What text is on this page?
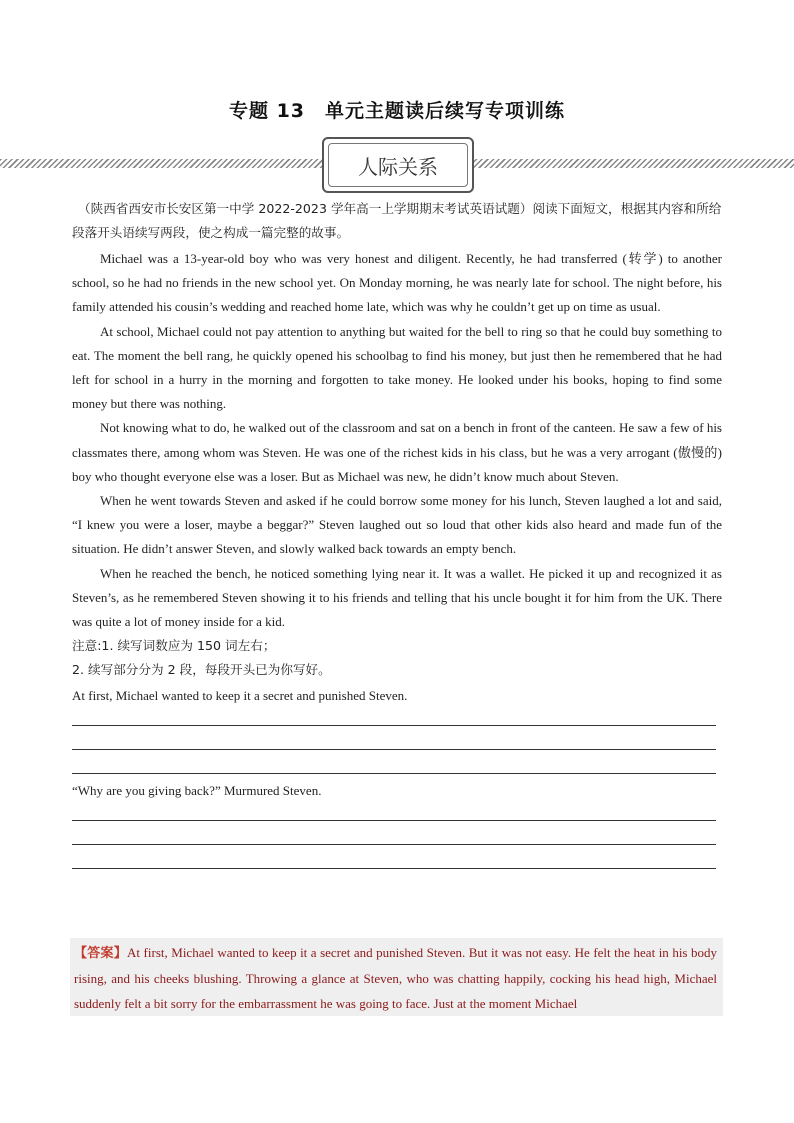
专题 13　单元主题读后续写专项训练
人际关系

（陕西省西安市长安区第一中学 2022-2023 学年高一上学期期末考试英语试题）阅读下面短文，根据其内容和所给段落开头语续写两段，使之构成一篇完整的故事。

Michael was a 13-year-old boy who was very honest and diligent. Recently, he had transferred (转学) to another school, so he had no friends in the new school yet. On Monday morning, he was nearly late for school. The night before, his family attended his cousin’s wedding and reached home late, which was why he couldn’t get up on time as usual.

At school, Michael could not pay attention to anything but waited for the bell to ring so that he could buy something to eat. The moment the bell rang, he quickly opened his schoolbag to find his money, but just then he remembered that he had left for school in a hurry in the morning and forgotten to take money. He looked under his books, hoping to find some money but there was nothing.

Not knowing what to do, he walked out of the classroom and sat on a bench in front of the canteen. He saw a few of his classmates there, among whom was Steven. He was one of the richest kids in his class, but he was a very arrogant (傲慢的) boy who thought everyone else was a loser. But as Michael was new, he didn’t know much about Steven.

When he went towards Steven and asked if he could borrow some money for his lunch, Steven laughed a lot and said, “I knew you were a loser, maybe a beggar?” Steven laughed out so loud that other kids also heard and made fun of the situation. He didn’t answer Steven, and slowly walked back towards an empty bench.

When he reached the bench, he noticed something lying near it. It was a wallet. He picked it up and recognized it as Steven’s, as he remembered Steven showing it to his friends and telling that his uncle bought it for him from the UK. There was quite a lot of money inside for a kid.

注意:1. 续写词数应为 150 词左右；

2. 续写部分分为 2 段，每段开头已为你写好。

At first, Michael wanted to keep it a secret and punished Steven.

“Why are you giving back?” Murmured Steven.

【答案】At first, Michael wanted to keep it a secret and punished Steven. But it was not easy. He felt the heat in his body rising, and his cheeks blushing. Throwing a glance at Steven, who was chatting happily, cocking his head high, Michael suddenly felt a bit sorry for the embarrassment he was going to face. Just at the moment Michael
